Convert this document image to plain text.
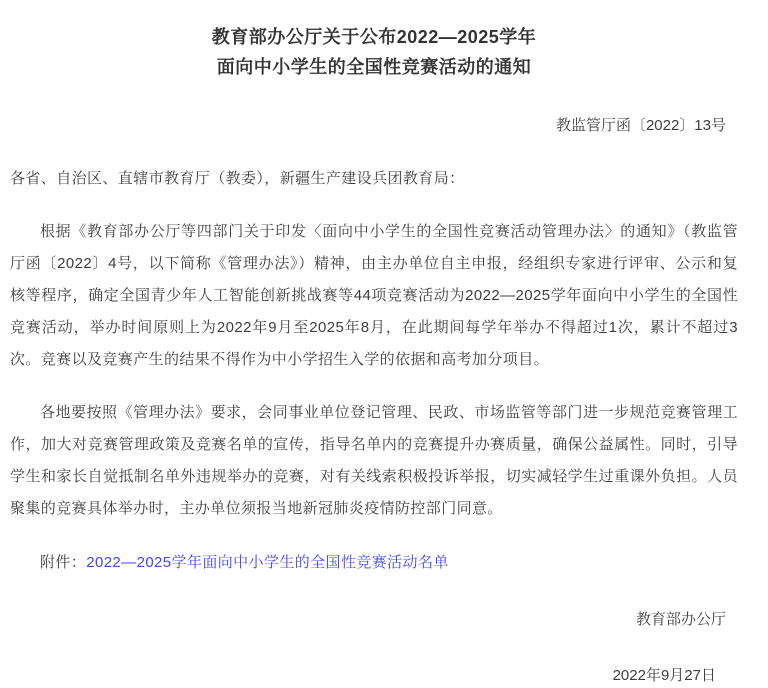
教育部办公厅关于公布2022—2025学年
面向中小学生的全国性竞赛活动的通知
教监管厅函〔2022〕13号
各省、自治区、直辖市教育厅（教委），新疆生产建设兵团教育局：

根据《教育部办公厅等四部门关于印发〈面向中小学生的全国性竞赛活动管理办法〉的通知》（教监管厅函〔2022〕4号，以下简称《管理办法》）精神，由主办单位自主申报，经组织专家进行评审、公示和复核等程序，确定全国青少年人工智能创新挑战赛等44项竞赛活动为2022—2025学年面向中小学生的全国性竞赛活动，举办时间原则上为2022年9月至2025年8月，在此期间每学年举办不得超过1次，累计不超过3次。竞赛以及竞赛产生的结果不得作为中小学招生入学的依据和高考加分项目。

各地要按照《管理办法》要求，会同事业单位登记管理、民政、市场监管等部门进一步规范竞赛管理工作，加大对竞赛管理政策及竞赛名单的宣传，指导名单内的竞赛提升办赛质量，确保公益属性。同时，引导学生和家长自觉抵制名单外违规举办的竞赛，对有关线索积极投诉举报，切实减轻学生过重课外负担。人员聚集的竞赛具体举办时，主办单位须报当地新冠肺炎疫情防控部门同意。

附件：2022—2025学年面向中小学生的全国性竞赛活动名单
教育部办公厅
2022年9月27日
